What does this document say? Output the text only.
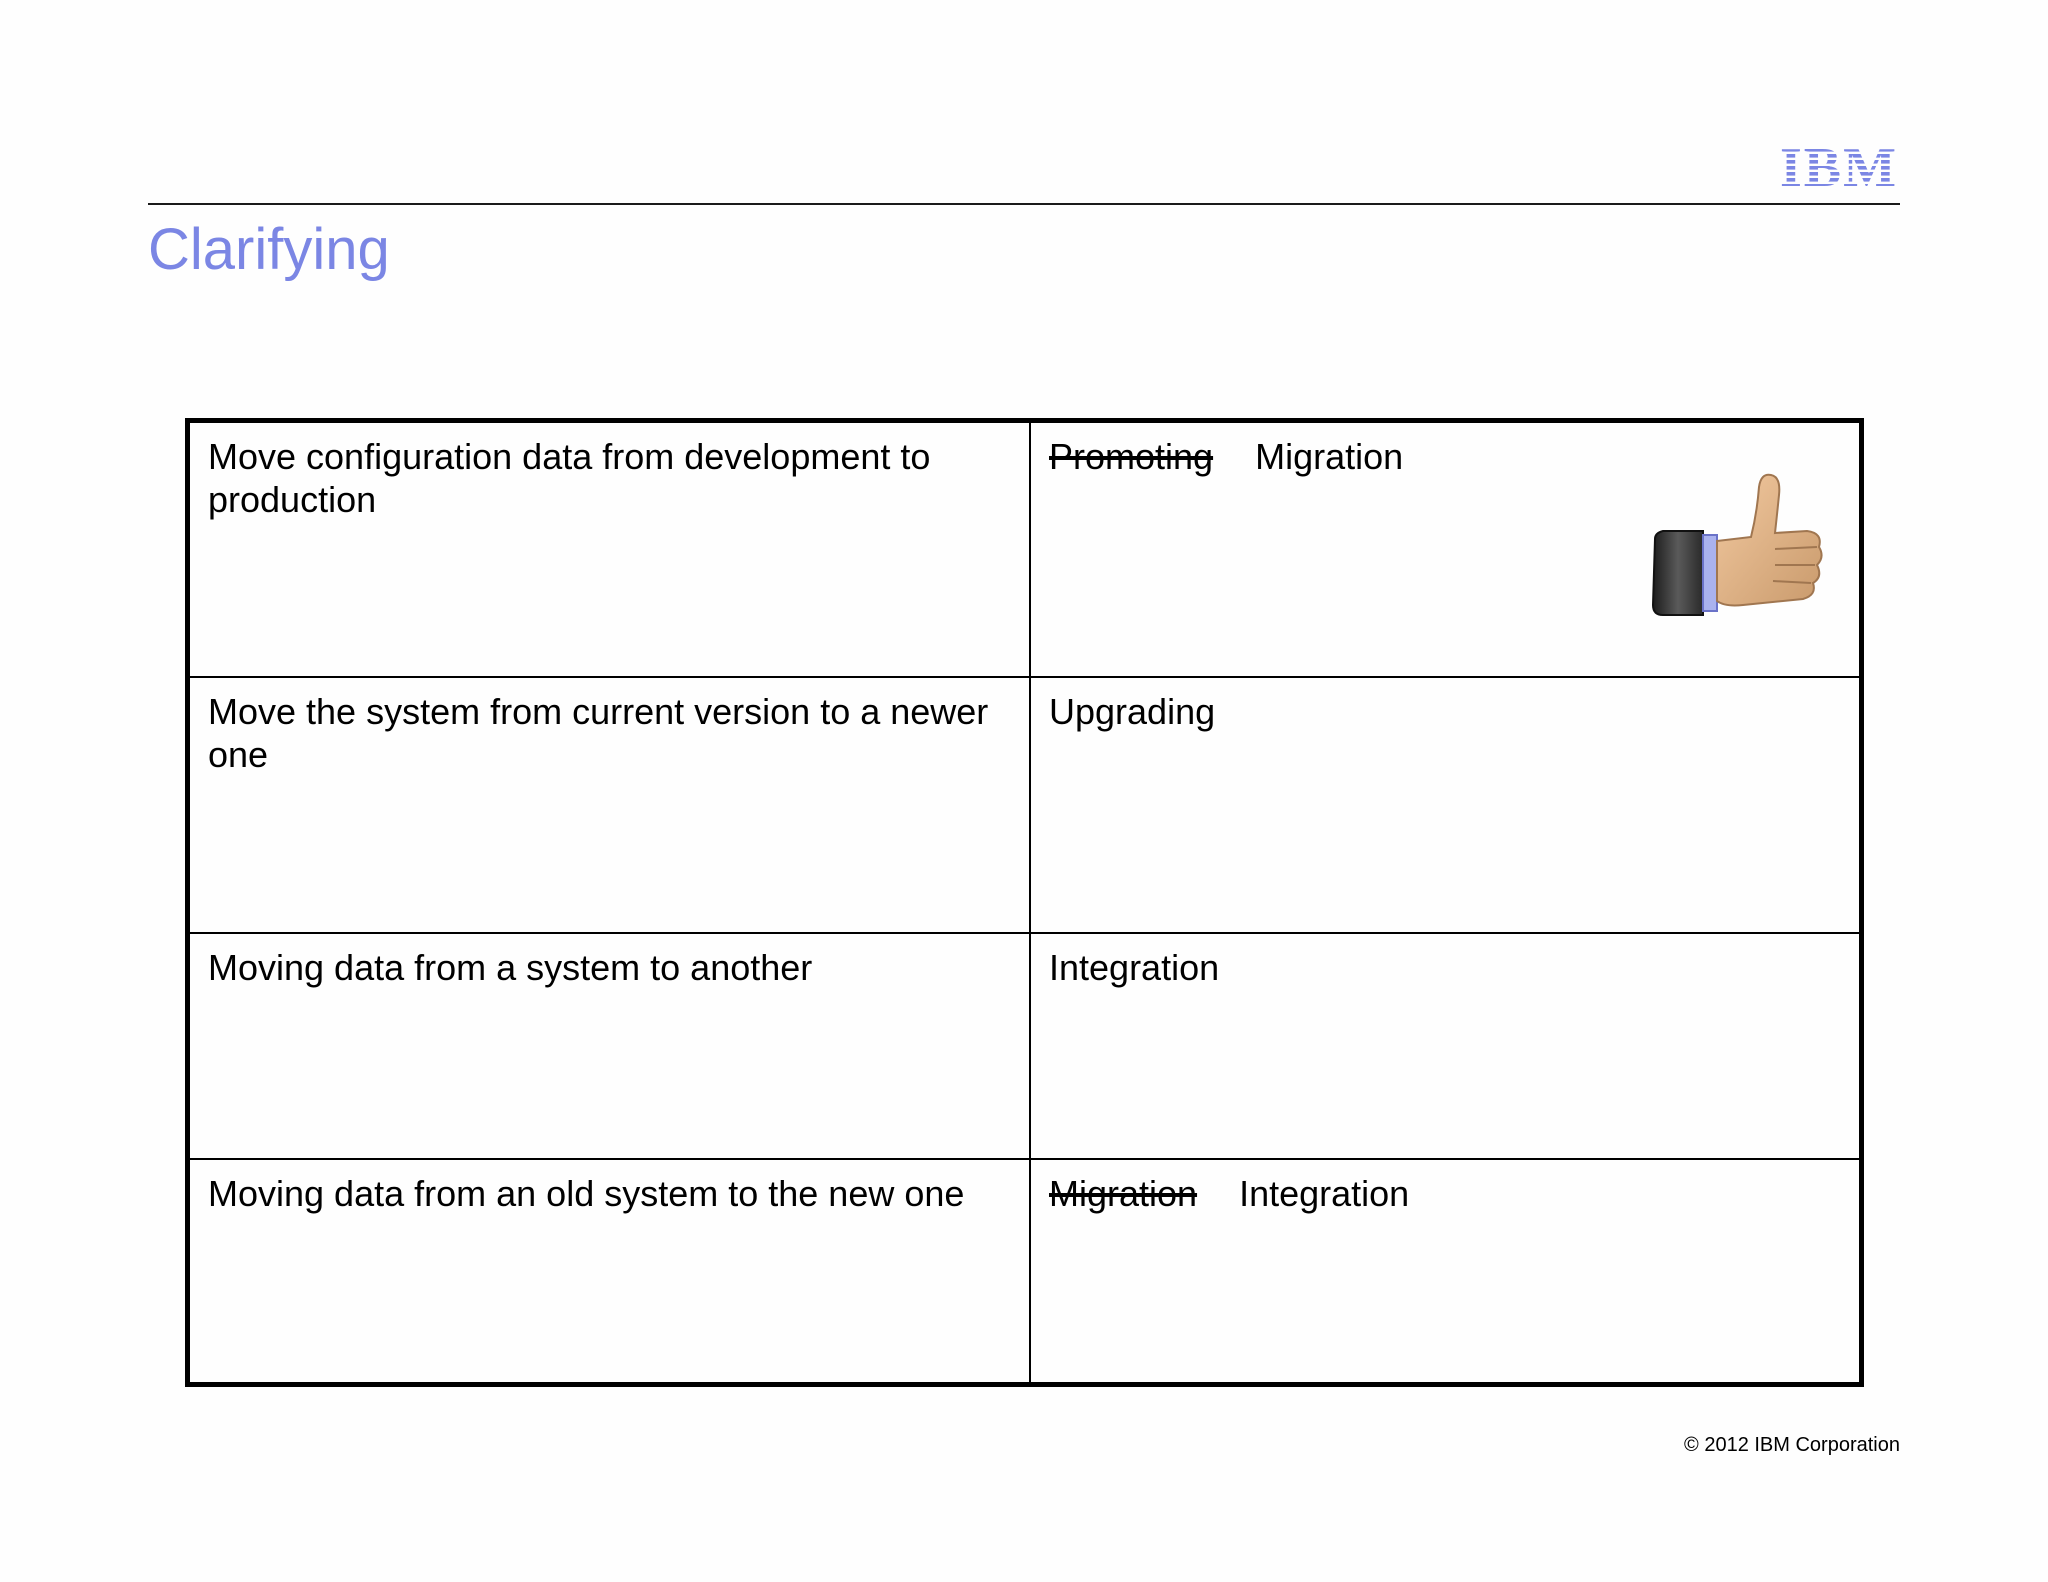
IBM
Clarifying
Move configuration data from development to production	Promoting Migration

Move the system from current version to a newer one	Upgrading
Moving data from a system to another	Integration
Moving data from an old system to the new one	Migration Integration
© 2012 IBM Corporation
